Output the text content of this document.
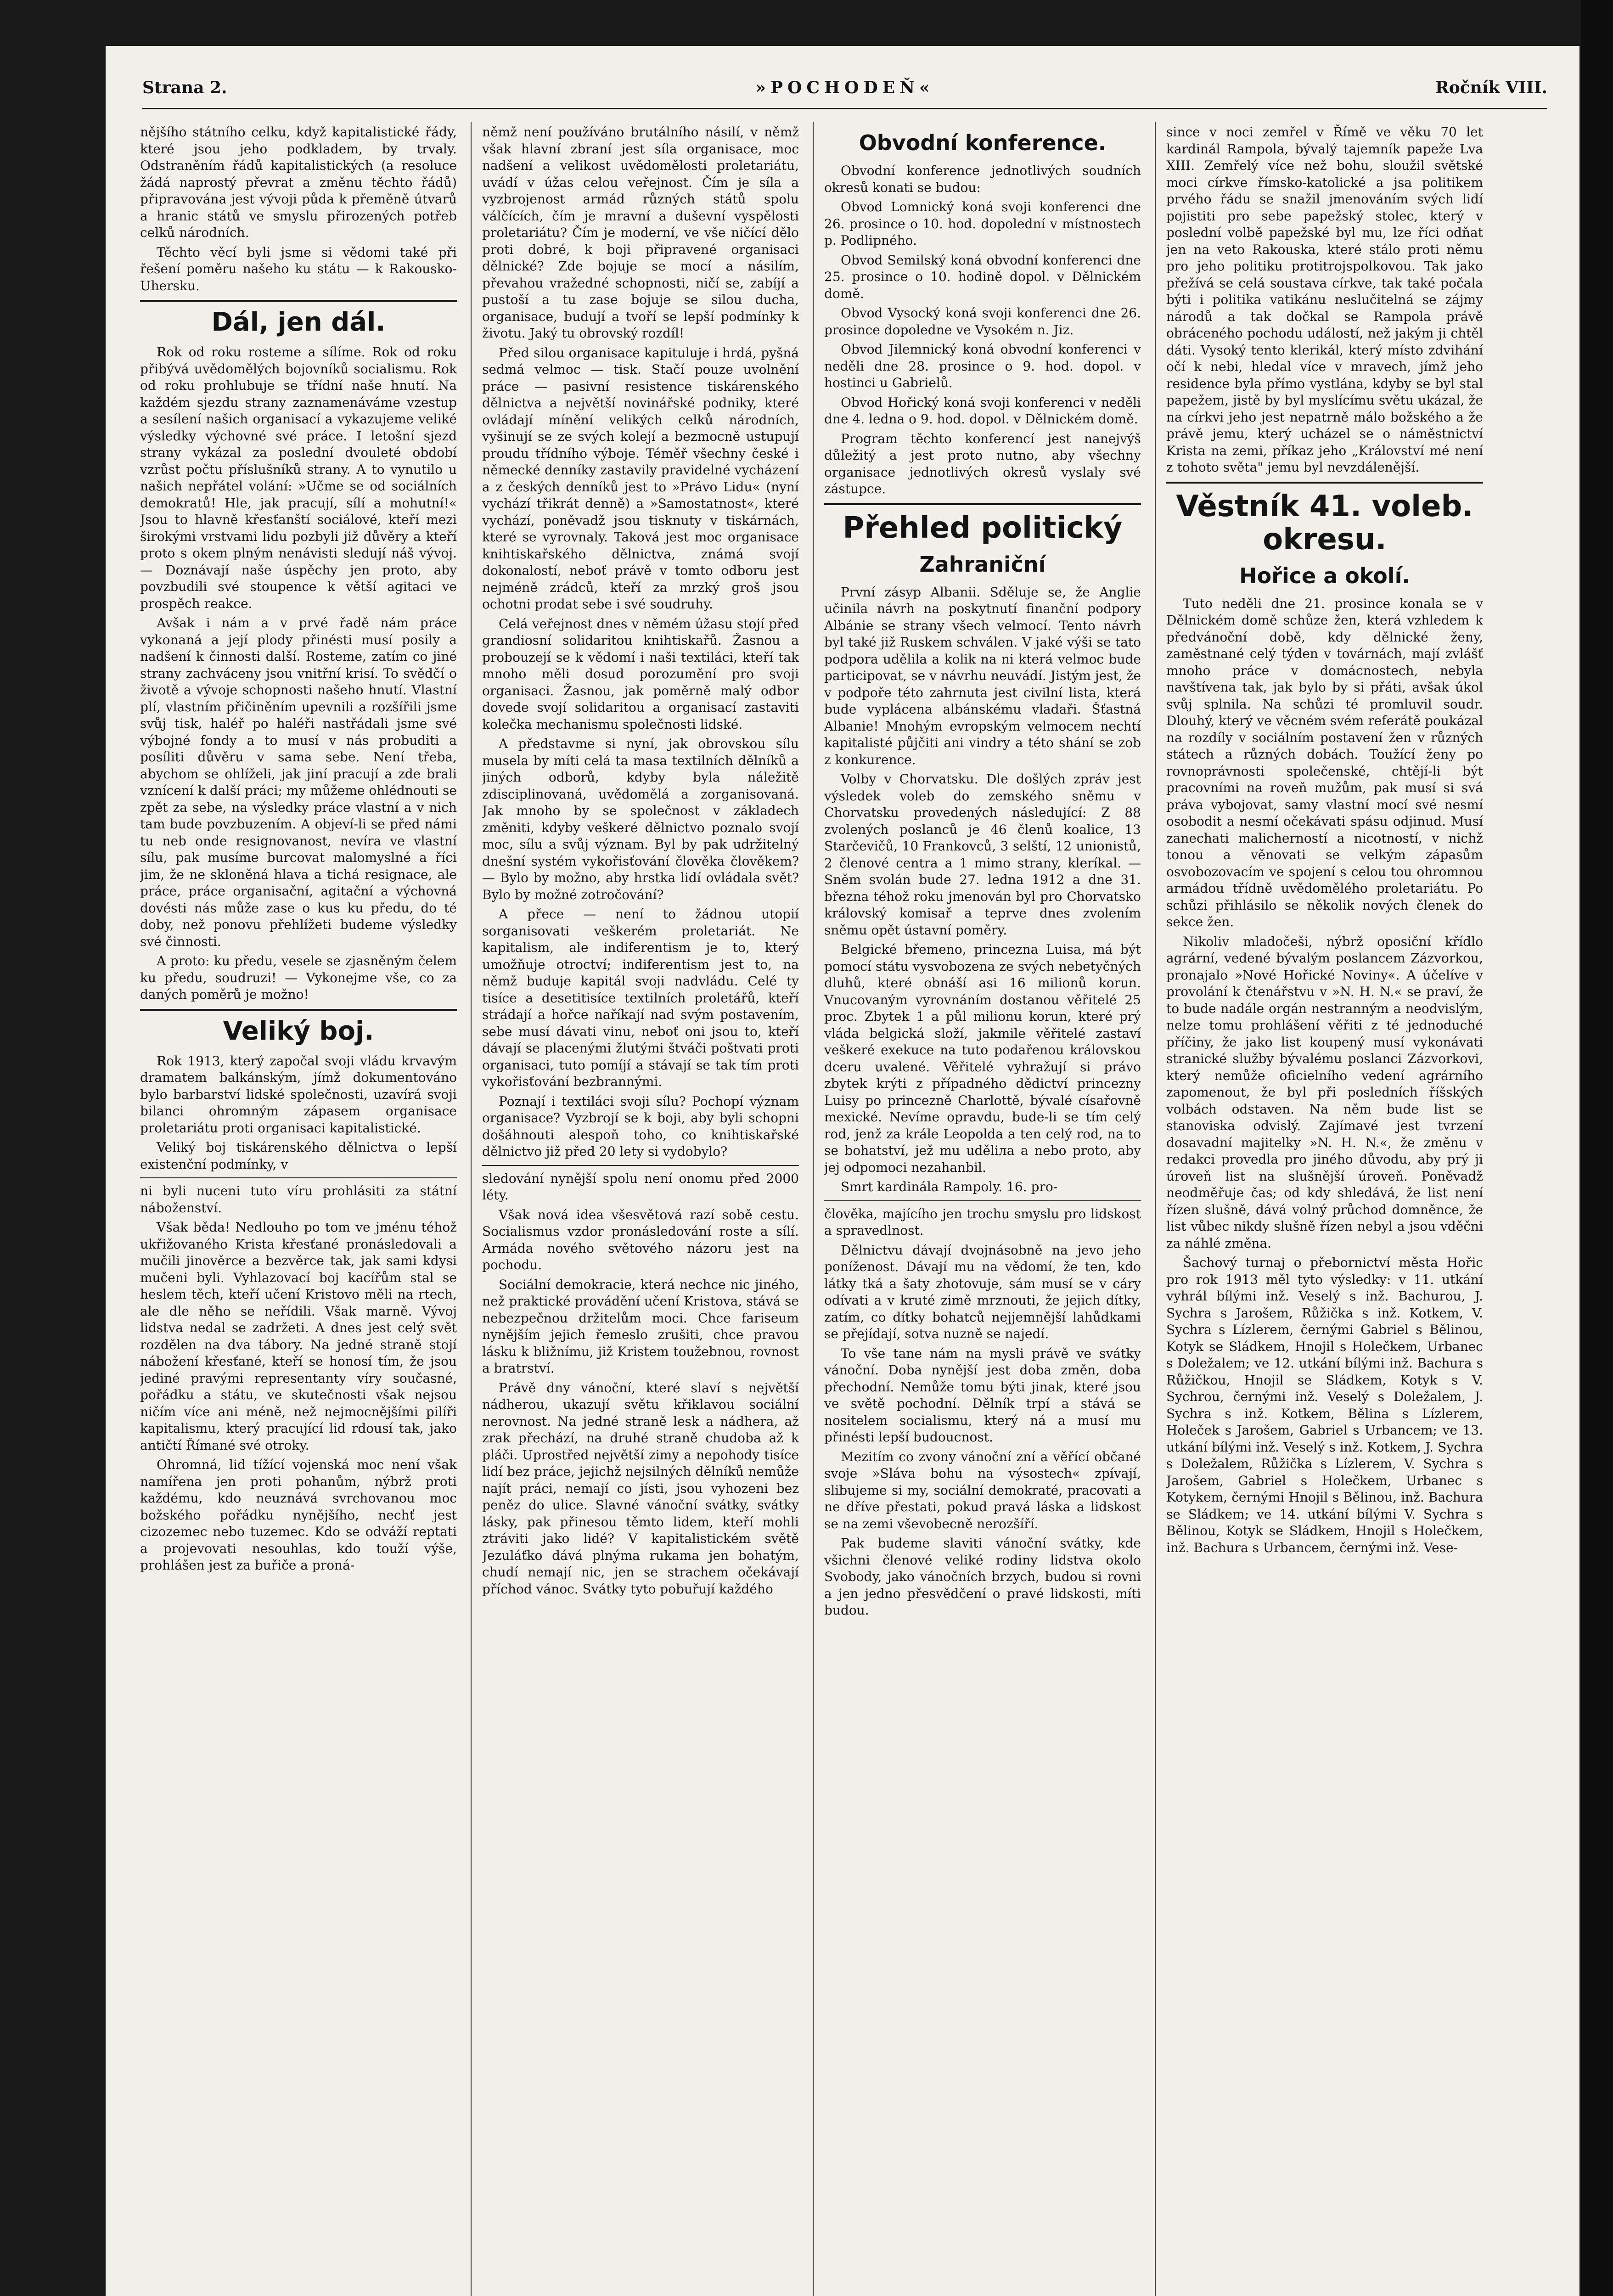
Strana 2.	»POCHODEŇ«	Ročník VIII.

nějšího státního celku, když kapitalistické řády, které jsou jeho podkladem, by trvaly. Odstraněním řádů kapitalistických (a resoluce žádá naprostý převrat a změnu těchto řádů) připravována jest vývoji půda k přeměně útvarů a hranic států ve smyslu přirozených potřeb celků národních.

Těchto věcí byli jsme si vědomi také při řešení poměru našeho ku státu — k Rakousko-Uhersku.

Dál, jen dál.

Rok od roku rosteme a sílíme. Rok od roku přibývá uvědomělých bojovníků socialismu. Rok od roku prohlubuje se třídní naše hnutí. Na každém sjezdu strany zaznamenáváme vzestup a sesílení našich organisací a vykazujeme veliké výsledky výchovné své práce. I letošní sjezd strany vykázal za poslední dvouleté období vzrůst počtu příslušníků strany. A to vynutilo u našich nepřátel volání: »Učme se od sociálních demokratů! Hle, jak pracují, sílí a mohutní!« Jsou to hlavně křesťanští sociálové, kteří mezi širokými vrstvami lidu pozbyli již důvěry a kteří proto s okem plným nenávisti sledují náš vývoj. — Doznávají naše úspěchy jen proto, aby povzbudili své stoupence k větší agitaci ve prospěch reakce.

Avšak i nám a v prvé řadě nám práce vykonaná a její plody přinésti musí posily a nadšení k činnosti další. Rosteme, zatím co jiné strany zachváceny jsou vnitřní krisí. To svědčí o životě a vývoje schopnosti našeho hnutí. Vlastní plí, vlastním přičiněním upevnili a rozšířili jsme svůj tisk, haléř po haléři nastřádali jsme své výbojné fondy a to musí v nás probuditi a posíliti důvěru v sama sebe. Není třeba, abychom se ohlíželi, jak jiní pracují a zde brali vznícení k další práci; my můžeme ohlédnouti se zpět za sebe, na výsledky práce vlastní a v nich tam bude povzbuzením. A objeví-li se před námi tu neb onde resignovanost, nevíra ve vlastní sílu, pak musíme burcovat malomyslné a říci jim, že ne skloněná hlava a tichá resignace, ale práce, práce organisační, agitační a výchovná dovésti nás může zase o kus ku předu, do té doby, než ponovu přehlížeti budeme výsledky své činnosti.

A proto: ku předu, vesele se zjasněným čelem ku předu, soudruzi! — Vykonejme vše, co za daných poměrů je možno!

Veliký boj.

Rok 1913, který započal svoji vládu krvavým dramatem balkánským, jímž dokumentováno bylo barbarství lidské společnosti, uzavírá svoji bilanci ohromným zápasem organisace proletariátu proti organisaci kapitalistické.

Veliký boj tiskárenského dělnictva o lepší existenční podmínky, v

ni byli nuceni tuto víru prohlásiti za státní náboženství.

Však běda! Nedlouho po tom ve jménu téhož ukřižovaného Krista křesťané pronásledovali a mučili jinověrce a bezvěrce tak, jak sami kdysi mučeni byli. Vyhlazovací boj kacířům stal se heslem těch, kteří učení Kristovo měli na rtech, ale dle něho se neřídili. Však marně. Vývoj lidstva nedal se zadržeti. A dnes jest celý svět rozdělen na dva tábory. Na jedné straně stojí nábožení křesťané, kteří se honosí tím, že jsou jediné pravými representanty víry současné, pořádku a státu, ve skutečnosti však nejsou ničím více ani méně, než nejmocnějšími pilíři kapitalismu, který pracující lid rdousí tak, jako antičtí Římané své otroky.

Ohromná, lid tížící vojenská moc není však namířena jen proti pohanům, nýbrž proti každému, kdo neuznává svrchovanou moc božského pořádku nynějšího, nechť jest cizozemec nebo tuzemec. Kdo se odváží reptati a projevovati nesouhlas, kdo touží výše, prohlášen jest za buřiče a proná-

němž není používáno brutálního násilí, v němž však hlavní zbraní jest síla organisace, moc nadšení a velikost uvědomělosti proletariátu, uvádí v úžas celou veřejnost. Čím je síla a vyzbrojenost armád různých států spolu válčících, čím je mravní a duševní vyspělosti proletariátu? Čím je moderní, ve vše ničící dělo proti dobré, k boji připravené organisaci dělnické? Zde bojuje se mocí a násilím, převahou vražedné schopnosti, ničí se, zabíjí a pustoší a tu zase bojuje se silou ducha, organisace, budují a tvoří se lepší podmínky k životu. Jaký tu obrovský rozdíl!

Před silou organisace kapituluje i hrdá, pyšná sedmá velmoc — tisk. Stačí pouze uvolnění práce — pasivní resistence tiskárenského dělnictva a největší novinářské podniky, které ovládají mínění velikých celků národních, vyšinují se ze svých kolejí a bezmocně ustupují proudu třídního výboje. Téměř všechny české i německé denníky zastavily pravidelné vycházení a z českých denníků jest to »Právo Lidu« (nyní vychází třikrát denně) a »Samostatnost«, které vychází, poněvadž jsou tisknuty v tiskárnách, které se vyrovnaly. Taková jest moc organisace knihtiskařského dělnictva, známá svojí dokonalostí, neboť právě v tomto odboru jest nejméně zrádců, kteří za mrzký groš jsou ochotni prodat sebe i své soudruhy.

Celá veřejnost dnes v němém úžasu stojí před grandiosní solidaritou knihtiskařů. Žasnou a probouzejí se k vědomí i naši textiláci, kteří tak mnoho měli dosud porozumění pro svoji organisaci. Žasnou, jak poměrně malý odbor dovede svojí solidaritou a organisací zastaviti kolečka mechanismu společnosti lidské.

A představme si nyní, jak obrovskou sílu musela by míti celá ta masa textilních dělníků a jiných odborů, kdyby byla náležitě zdisciplinovaná, uvědomělá a zorganisovaná. Jak mnoho by se společnost v základech změniti, kdyby veškeré dělnictvo poznalo svojí moc, sílu a svůj význam. Byl by pak udržitelný dnešní systém vykořisťování člověka člověkem? — Bylo by možno, aby hrstka lidí ovládala svět? Bylo by možné zotročování?

A přece — není to žádnou utopií sorganisovati veškerém proletariát. Ne kapitalism, ale indiferentism je to, který umožňuje otroctví; indiferentism jest to, na němž buduje kapitál svoji nadvládu. Celé ty tisíce a desetitisíce textilních proletářů, kteří strádají a hořce naříkají nad svým postavením, sebe musí dávati vinu, neboť oni jsou to, kteří dávají se placenými žlutými štváči poštvati proti organisaci, tuto pomíjí a stávají se tak tím proti vykořisťování bezbrannými.

Poznají i textiláci svoji sílu? Pochopí význam organisace? Vyzbrojí se k boji, aby byli schopni došáhnouti alespoň toho, co knihtiskařské dělnictvo již před 20 lety si vydobylo?

sledování nynější spolu není onomu před 2000 léty.

Však nová idea všesvětová razí sobě cestu. Socialismus vzdor pronásledování roste a sílí. Armáda nového světového názoru jest na pochodu.

Sociální demokracie, která nechce nic jiného, než praktické provádění učení Kristova, stává se nebezpečnou držitelům moci. Chce fariseum nynějším jejich řemeslo zrušiti, chce pravou lásku k bližnímu, již Kristem toužebnou, rovnost a bratrství.

Právě dny vánoční, které slaví s největší nádherou, ukazují světu křiklavou sociální nerovnost. Na jedné straně lesk a nádhera, až zrak přechází, na druhé straně chudoba až k pláči. Uprostřed největší zimy a nepohody tisíce lidí bez práce, jejichž nejsilných dělníků nemůže najít práci, nemají co jísti, jsou vyhozeni bez peněz do ulice. Slavné vánoční svátky, svátky lásky, pak přinesou těmto lidem, kteří mohli ztráviti jako lidé? V kapitalistickém světě Jezuláťko dává plnýma rukama jen bohatým, chudí nemají nic, jen se strachem očekávají příchod vánoc. Svátky tyto pobuřují každého

Obvodní konference.

Obvodní konference jednotlivých soudních okresů konati se budou:

Obvod Lomnický koná svoji konferenci dne 26. prosince o 10. hod. dopolední v místnostech p. Podlipného.

Obvod Semilský koná obvodní konferenci dne 25. prosince o 10. hodině dopol. v Dělnickém domě.

Obvod Vysocký koná svoji konferenci dne 26. prosince dopoledne ve Vysokém n. Jiz.

Obvod Jilemnický koná obvodní konferenci v neděli dne 28. prosince o 9. hod. dopol. v hostinci u Gabrielů.

Obvod Hořický koná svoji konferenci v neděli dne 4. ledna o 9. hod. dopol. v Dělnickém domě.

Program těchto konferencí jest nanejvýš důležitý a jest proto nutno, aby všechny organisace jednotlivých okresů vyslaly své zástupce.

Přehled politický
Zahraniční

První zásyp Albanii. Sděluje se, že Anglie učinila návrh na poskytnutí finanční podpory Albánie se strany všech velmocí. Tento návrh byl také již Ruskem schválen. V jaké výši se tato podpora udělila a kolik na ni která velmoc bude participovat, se v návrhu neuvádí. Jistým jest, že v podpoře této zahrnuta jest civilní lista, která bude vyplácena albánskému vladaři. Šťastná Albanie! Mnohým evropským velmocem nechtí kapitalisté půjčiti ani vindry a této shání se zob z konkurence.

Volby v Chorvatsku. Dle došlých zpráv jest výsledek voleb do zemského sněmu v Chorvatsku provedených následující: Z 88 zvolených poslanců je 46 členů koalice, 13 Starčevičů, 10 Frankovců, 3 selští, 12 unionistů, 2 členové centra a 1 mimo strany, kleríkal. — Sněm svolán bude 27. ledna 1912 a dne 31. března téhož roku jmenován byl pro Chorvatsko královský komisař a teprve dnes zvolením sněmu opět ústavní poměry.

Belgické břemeno, princezna Luisa, má být pomocí státu vysvobozena ze svých nebetyčných dluhů, které obnáší asi 16 milionů korun. Vnucovaným vyrovnáním dostanou věřitelé 25 proc. Zbytek 1 a půl milionu korun, které prý vláda belgická složí, jakmile věřitelé zastaví veškeré exekuce na tuto podařenou královskou dceru uvalené. Věřitelé vyhražují si právo zbytek krýti z případného dědictví princezny Luisy po princezně Charlottě, bývalé císařovně mexické. Nevíme opravdu, bude-li se tím celý rod, jenž za krále Leopolda a ten celý rod, na to se bohatství, jež mu uděliла a nebo proto, aby jej odpomoci nezahanbil.

Smrt kardinála Rampoly. 16. pro-

člověka, majícího jen trochu smyslu pro lidskost a spravedlnost.

Dělnictvu dávají dvojnásobně na jevo jeho poníženost. Dávají mu na vědomí, že ten, kdo látky tká a šaty zhotovuje, sám musí se v cáry odívati a v kruté zimě mrznouti, že jejich dítky, zatím, co dítky bohatců nejjemnější lahůdkami se přejídají, sotva nuzně se najedí.

To vše tane nám na mysli právě ve svátky vánoční. Doba nynější jest doba změn, doba přechodní. Nemůže tomu býti jinak, které jsou ve světě pochodní. Dělník trpí a stává se nositelem socialismu, který ná a musí mu přinésti lepší budoucnost.

Mezitím co zvony vánoční zní a věřící občané svoje »Sláva bohu na výsostech« zpívají, slibujeme si my, sociální demokraté, pracovati a ne dříve přestati, pokud pravá láska a lidskost se na zemi vševobecně nerozšíří.

Pak budeme slaviti vánoční svátky, kde všichni členové veliké rodiny lidstva okolo Svobody, jako vánočních brzych, budou si rovni a jen jedno přesvědčení o pravé lidskosti, míti budou.

since v noci zemřel v Římě ve věku 70 let kardinál Rampola, bývalý tajemník papeže Lva XIII. Zemřelý více než bohu, sloužil světské moci církve římsko-katolické a jsa politikem prvého řádu se snažil jmenováním svých lidí pojistiti pro sebe papežský stolec, který v poslední volbě papežské byl mu, lze říci odňat jen na veto Rakouska, které stálo proti němu pro jeho politiku protitrojspolkovou. Tak jako přežívá se celá soustava církve, tak také počala býti i politika vatikánu neslučitelná se zájmy národů a tak dočkal se Rampola právě obráceného pochodu událostí, než jakým ji chtěl dáti. Vysoký tento klerikál, který místo zdvihání očí k nebi, hledal více v mravech, jímž jeho residence byla přímo vystlána, kdyby se byl stal papežem, jistě by byl myslícímu světu ukázal, že na církvi jeho jest nepatrně málo božského a že právě jemu, který ucházel se o náměstnictví Krista na zemi, příkaz jeho „Království mé není z tohoto světa" jemu byl nevzdálenější.

Věstník 41. voleb. okresu.
Hořice a okolí.

Tuto neděli dne 21. prosince konala se v Dělnickém domě schůze žen, která vzhledem k předvánoční době, kdy dělnické ženy, zaměstnané celý týden v továrnách, mají zvlášť mnoho práce v domácnostech, nebyla navštívena tak, jak bylo by si přáti, avšak úkol svůj splnila. Na schůzi té promluvil soudr. Dlouhý, který ve věcném svém referátě poukázal na rozdíly v sociálním postavení žen v různých státech a různých dobách. Toužící ženy po rovnoprávnosti společenské, chtějí-li být pracovními na roveň mužům, pak musí si svá práva vybojovat, samy vlastní mocí své nesmí osobodit a nesmí očekávati spásu odjinud. Musí zanechati malicherností a nicotností, v nichž tonou a věnovati se velkým zápasům osvobozovacím ve spojení s celou tou ohromnou armádou třídně uvědomělého proletariátu. Po schůzi přihlásilo se několik nových členek do sekce žen.

Nikoliv mladočeši, nýbrž oposiční křídlo agrární, vedené bývalým poslancem Zázvorkou, pronajalo »Nové Hořické Noviny«. A účelíve v provolání k čtenářstvu v »N. H. N.« se praví, že to bude nadále orgán nestranným a neodvislým, nelze tomu prohlášení věřiti z té jednoduché příčiny, že jako list koupený musí vykonávati stranické služby bývalému poslanci Zázvorkovi, který nemůže oficielního vedení agrárního zapomenout, že byl při posledních říšských volbách odstaven. Na něm bude list se stanoviska odvislý. Zajímavé jest tvrzení dosavadní majitelky »N. H. N.«, že změnu v redakci provedla pro jiného důvodu, aby prý ji úroveň list na slušnější úroveň. Poněvadž neodměřuje čas; od kdy shledává, že list není řízen slušně, dává volný průchod domněnce, že list vůbec nikdy slušně řízen nebyl a jsou vděčni za náhlé změna.

Šachový turnaj o přebornictví města Hořic pro rok 1913 měl tyto výsledky: v 11. utkání vyhrál bílými inž. Veselý s inž. Bachurou, J. Sychra s Jarošem, Růžička s inž. Kotkem, V. Sychra s Lízlerem, černými Gabriel s Bělinou, Kotyk se Sládkem, Hnojil s Holečkem, Urbanec s Doležalem; ve 12. utkání bílými inž. Bachura s Růžičkou, Hnojil se Sládkem, Kotyk s V. Sychrou, černými inž. Veselý s Doležalem, J. Sychra s inž. Kotkem, Bělina s Lízlerem, Holeček s Jarošem, Gabriel s Urbancem; ve 13. utkání bílými inž. Veselý s inž. Kotkem, J. Sychra s Doležalem, Růžička s Lízlerem, V. Sychra s Jarošem, Gabriel s Holečkem, Urbanec s Kotykem, černými Hnojil s Bělinou, inž. Bachura se Sládkem; ve 14. utkání bílými V. Sychra s Bělinou, Kotyk se Sládkem, Hnojil s Holečkem, inž. Bachura s Urbancem, černými inž. Vese-
